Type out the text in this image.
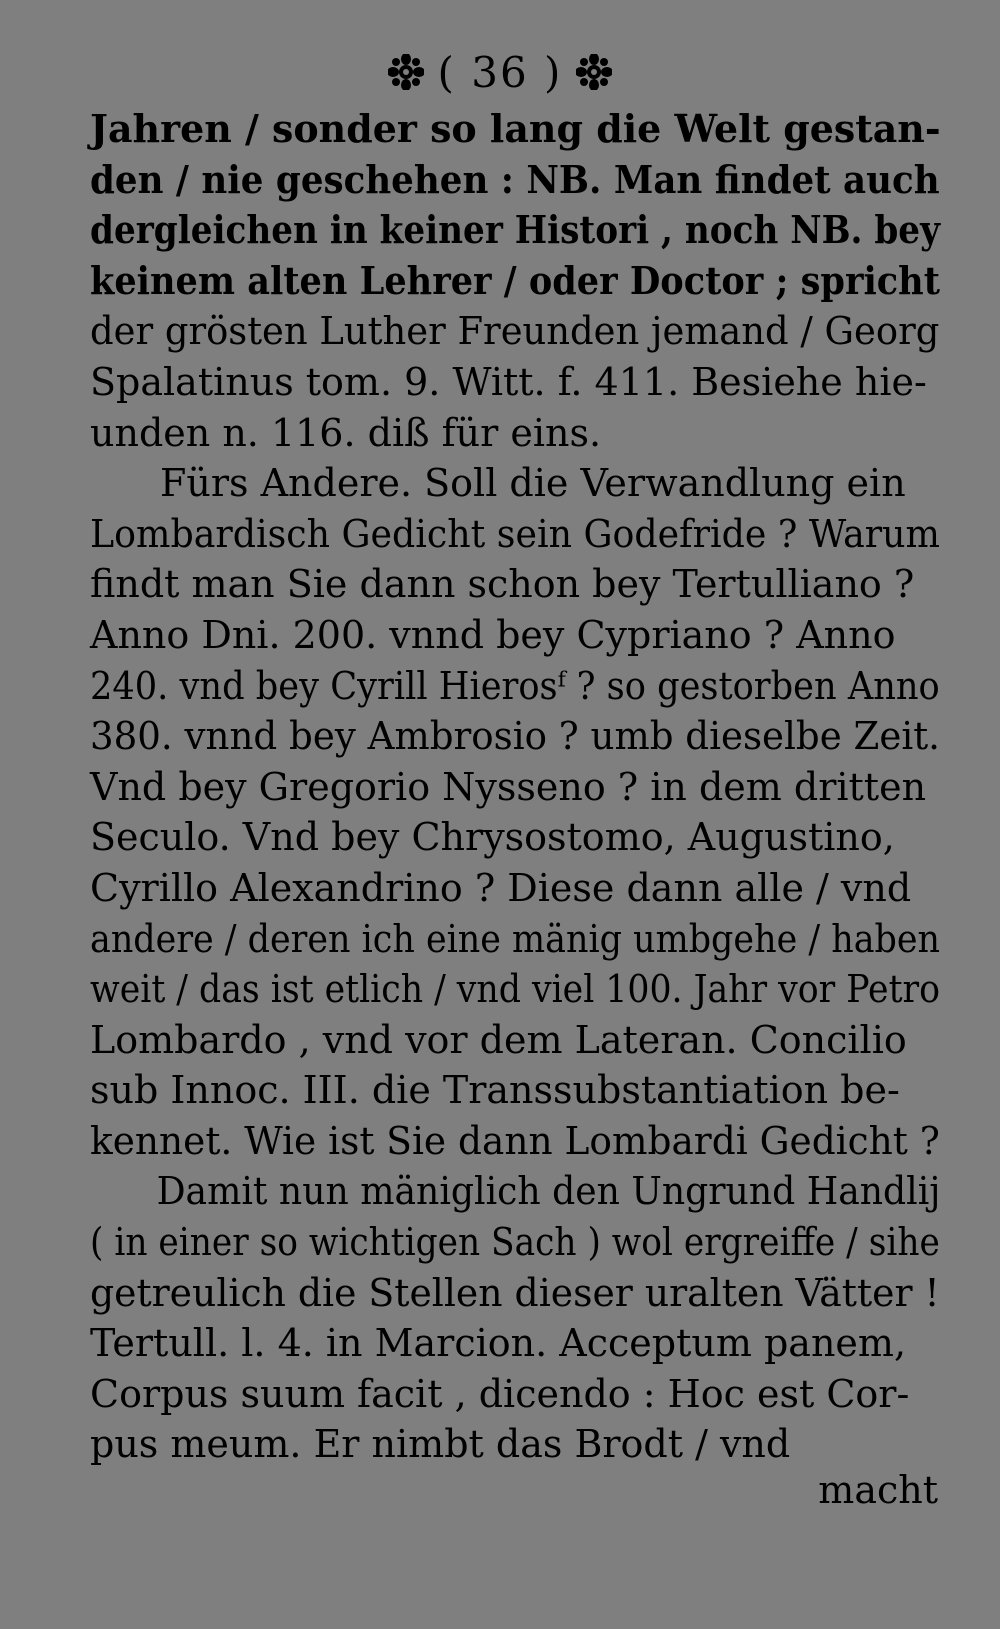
( 36 )
Jahren / sonder so lang die Welt gestan-
den / nie geschehen : NB. Man findet auch
dergleichen in keiner Histori , noch NB. bey
keinem alten Lehrer / oder Doctor ; spricht
der grösten Luther Freunden jemand / Georg
Spalatinus tom. 9. Witt. f. 411. Besiehe hie-
unden n. 116. diß für eins.
Fürs Andere. Soll die Verwandlung ein
Lombardisch Gedicht sein Godefride ? Warum
findt man Sie dann schon bey Tertulliano ?
Anno Dni. 200. vnnd bey Cypriano ? Anno
240. vnd bey Cyrill Hierosᶠ ? so gestorben Anno
380. vnnd bey Ambrosio ? umb dieselbe Zeit.
Vnd bey Gregorio Nysseno ? in dem dritten
Seculo. Vnd bey Chrysostomo, Augustino,
Cyrillo Alexandrino ? Diese dann alle / vnd
andere / deren ich eine mänig umbgehe / haben
weit / das ist etlich / vnd viel 100. Jahr vor Petro
Lombardo , vnd vor dem Lateran. Concilio
sub Innoc. III. die Transsubstantiation be-
kennet. Wie ist Sie dann Lombardi Gedicht ?
Damit nun mäniglich den Ungrund Handlij
( in einer so wichtigen Sach ) wol ergreiffe / sihe
getreulich die Stellen dieser uralten Vätter !
Tertull. l. 4. in Marcion. Acceptum panem,
Corpus suum facit , dicendo : Hoc est Cor-
pus meum. Er nimbt das Brodt / vnd
macht
